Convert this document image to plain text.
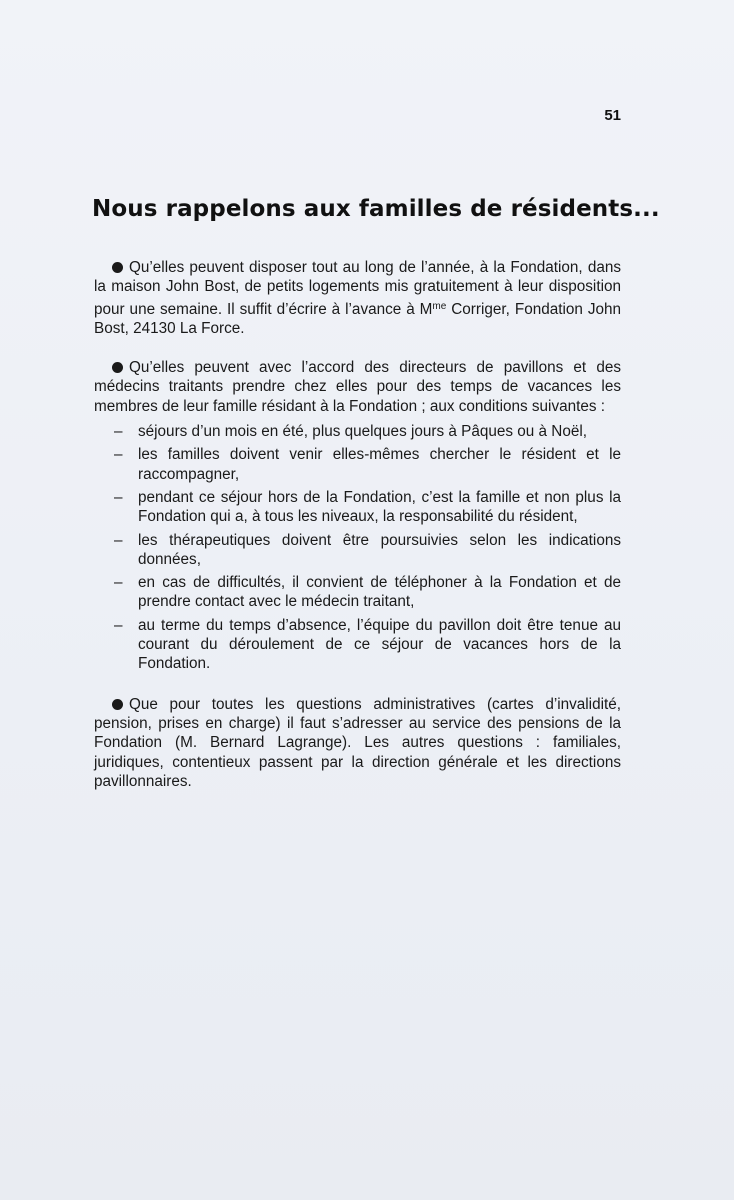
51
Nous rappelons aux familles de résidents...

Qu’elles peuvent disposer tout au long de l’année, à la Fondation, dans la maison John Bost, de petits logements mis gratuitement à leur disposition pour une semaine. Il suffit d’écrire à l’avance à $M^{me}$ Corriger, Fondation John Bost, 24130 La Force.

Qu’elles peuvent avec l’accord des directeurs de pavillons et des médecins traitants prendre chez elles pour des temps de vacances les membres de leur famille résidant à la Fondation ; aux conditions suivantes :

– séjours d’un mois en été, plus quelques jours à Pâques ou à Noël,
– les familles doivent venir elles-mêmes chercher le résident et le raccompagner,
– pendant ce séjour hors de la Fondation, c’est la famille et non plus la Fondation qui a, à tous les niveaux, la responsabilité du résident,
– les thérapeutiques doivent être poursuivies selon les indications données,
– en cas de difficultés, il convient de téléphoner à la Fondation et de prendre contact avec le médecin traitant,
– au terme du temps d’absence, l’équipe du pavillon doit être tenue au courant du déroulement de ce séjour de vacances hors de la Fondation.

Que pour toutes les questions administratives (cartes d’invalidité, pension, prises en charge) il faut s’adresser au service des pensions de la Fondation (M. Bernard Lagrange). Les autres questions : familiales, juridiques, contentieux passent par la direction générale et les directions pavillonnaires.
